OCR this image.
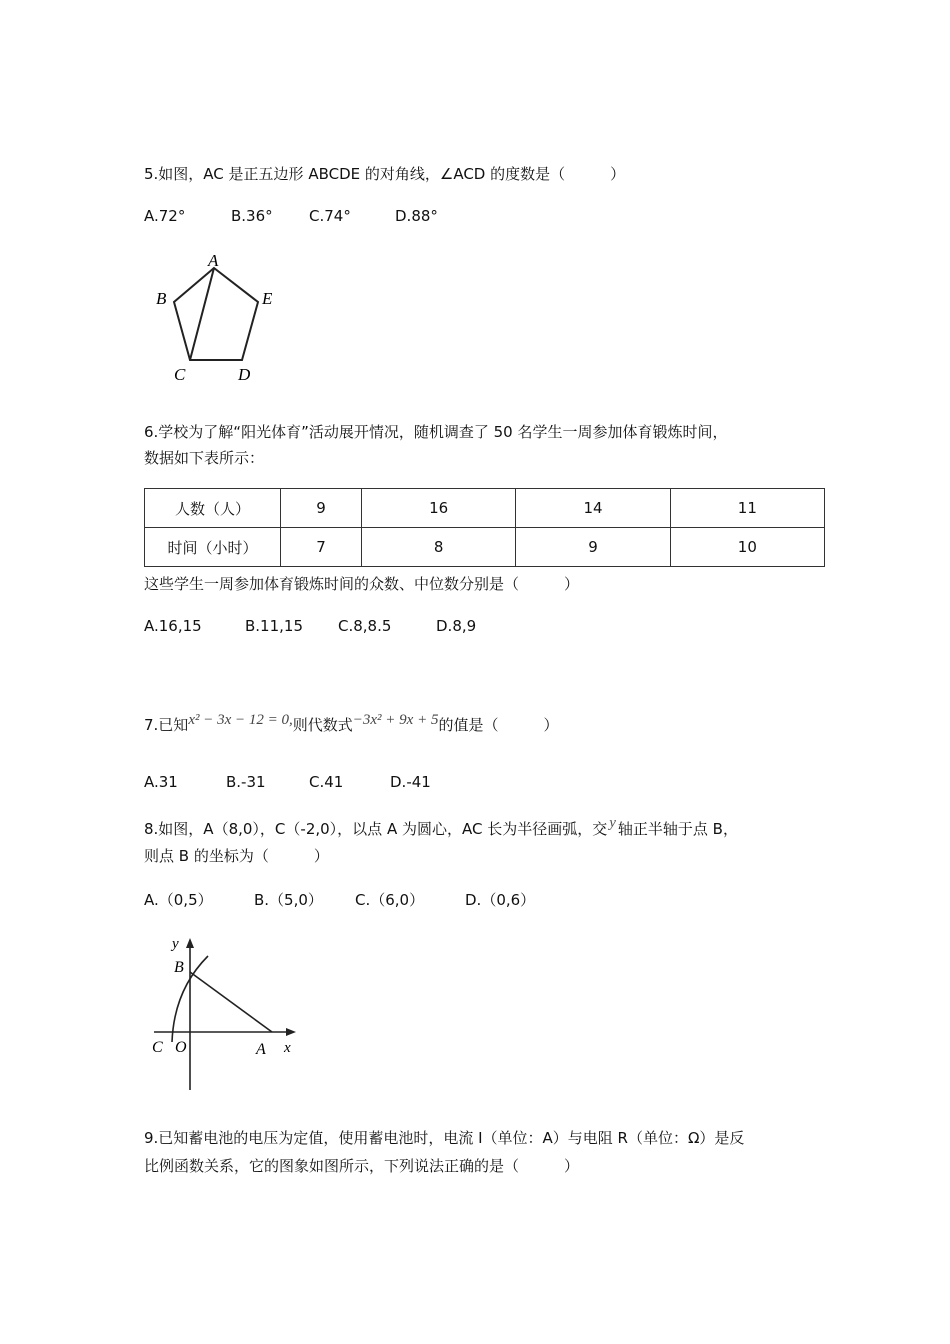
5.如图，AC 是正五边形 ABCDE 的对角线，∠ACD 的度数是（　　　）
A.72°	B.36° C.74°	D.88°
A
B	E
C	D
6.学校为了解“阳光体育”活动展开情况，随机调查了 50 名学生一周参加体育锻炼时间，
数据如下表所示：
人数（人）	9	16	14	11
时间（小时）	7	8	9	10
这些学生一周参加体育锻炼时间的众数、中位数分别是（　　　）
A.16,15	B.11,15 C.8,8.5	D.8,9
7.已知x² − 3x − 12 = 0,则代数式−3x² + 9x + 5的值是（　　　）
A.31	B.-31	C.41	D.-41
8.如图，A（8,0），C（-2,0），以点 A 为圆心，AC 长为半径画弧，交 y 轴正半轴于点 B，
则点 B 的坐标为（　　　）
A.（0,5）	B.（5,0） C.（6,0）	D.（0,6）
y
B
C O	A x
9.已知蓄电池的电压为定值，使用蓄电池时，电流 I（单位：A）与电阻 R（单位：Ω）是反
比例函数关系，它的图象如图所示，下列说法正确的是（　　　）
